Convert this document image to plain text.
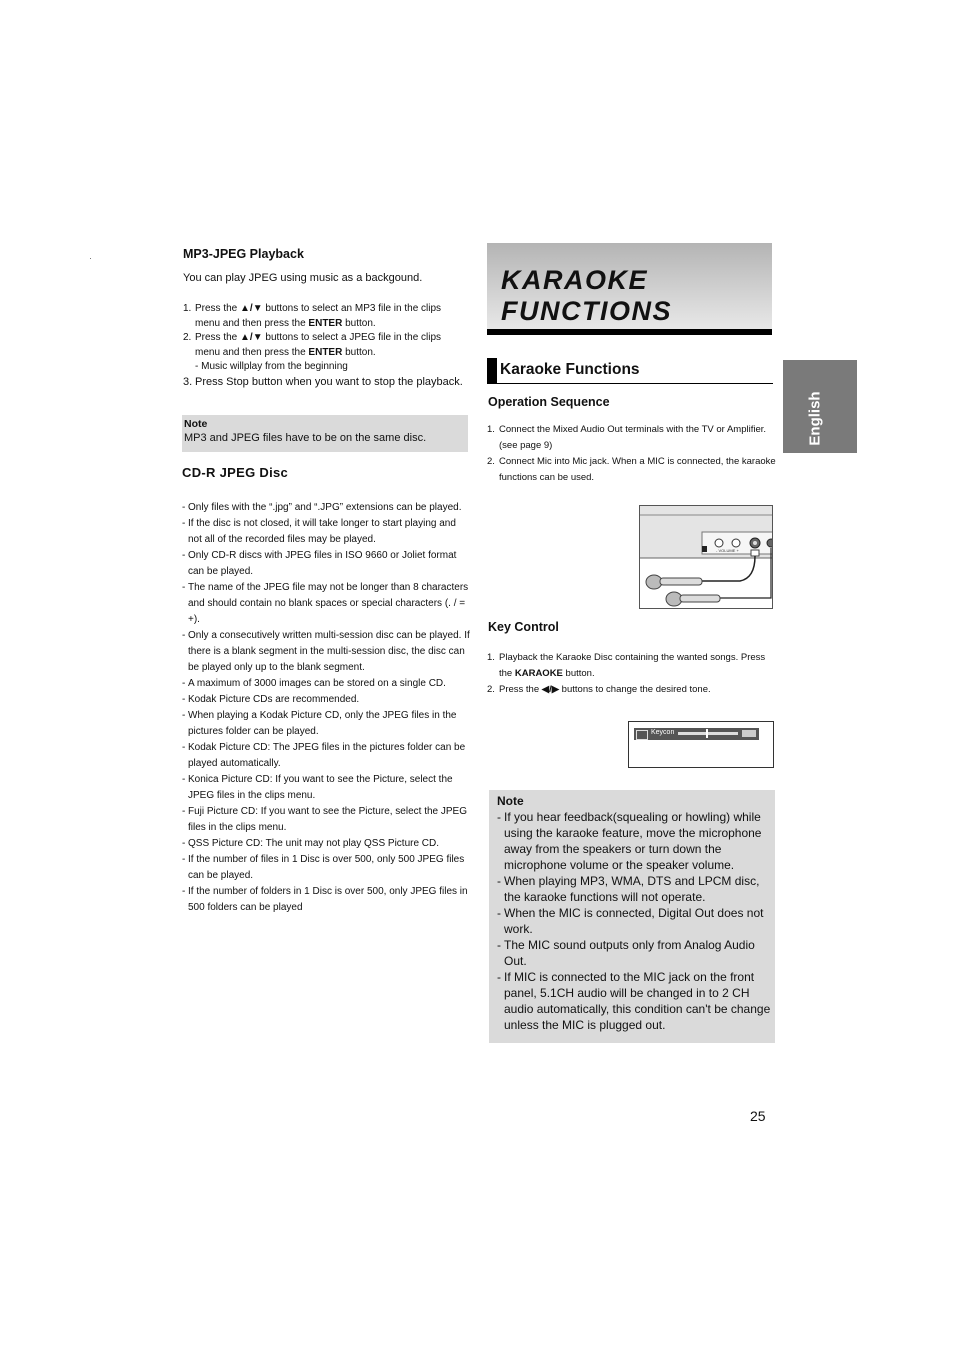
MP3-JPEG Playback
You can play JPEG using music as a backgound.
1. Press the ▲/▼ buttons to select an MP3 file in the clips menu and then press the ENTER button.
2. Press the ▲/▼ buttons to select a JPEG file in the clips menu and then press the ENTER button.
- Music willplay from the beginning
3. Press Stop button when you want to stop the playback.
Note
MP3 and JPEG files have to be on the same disc.
CD-R JPEG Disc
- Only files with the “.jpg” and “.JPG” extensions can be played.
- If the disc is not closed, it will take longer to start playing and not all of the recorded files may be played.
- Only CD-R discs with JPEG files in ISO 9660 or Joliet format can be played.
- The name of the JPEG file may not be longer than 8 characters and should contain no blank spaces or special characters (. / = +).
- Only a consecutively written multi-session disc can be played. If there is a blank segment in the multi-session disc, the disc can be played only up to the blank segment.
- A maximum of 3000 images can be stored on a single CD.
- Kodak Picture CDs are recommended.
- When playing a Kodak Picture CD, only the JPEG files in the pictures folder can be played.
- Kodak Picture CD: The JPEG files in the pictures folder can be played automatically.
- Konica Picture CD: If you want to see the Picture, select the JPEG files in the clips menu.
- Fuji Picture CD: If you want to see the Picture, select the JPEG files in the clips menu.
- QSS Picture CD: The unit may not play QSS Picture CD.
- If the number of files in 1 Disc is over 500, only 500 JPEG files can be played.
- If the number of folders in 1 Disc is over 500, only JPEG files in 500 folders can be played
KARAOKE
FUNCTIONS
Karaoke Functions
Operation Sequence
1. Connect the Mixed Audio Out terminals with the TV or Amplifier. (see page 9)
2. Connect Mic into Mic jack. When a MIC is connected, the karaoke functions can be used.
- VOLUME +
Key Control
1. Playback the Karaoke Disc containing the wanted songs. Press the KARAOKE button.
2. Press the ◀/▶ buttons to change the desired tone.
Keycon
Note
- If you hear feedback(squealing or howling) while using the karaoke feature, move the microphone away from the speakers or turn down the microphone volume or the speaker volume.
- When playing MP3, WMA, DTS and LPCM disc, the karaoke functions will not operate.
- When the MIC is connected, Digital Out does not work.
- The MIC sound outputs only from Analog Audio Out.
- If MIC is connected to the MIC jack on the front panel, 5.1CH audio will be changed in to 2 CH audio automatically, this condition can't be change unless the MIC is plugged out.
English
25
